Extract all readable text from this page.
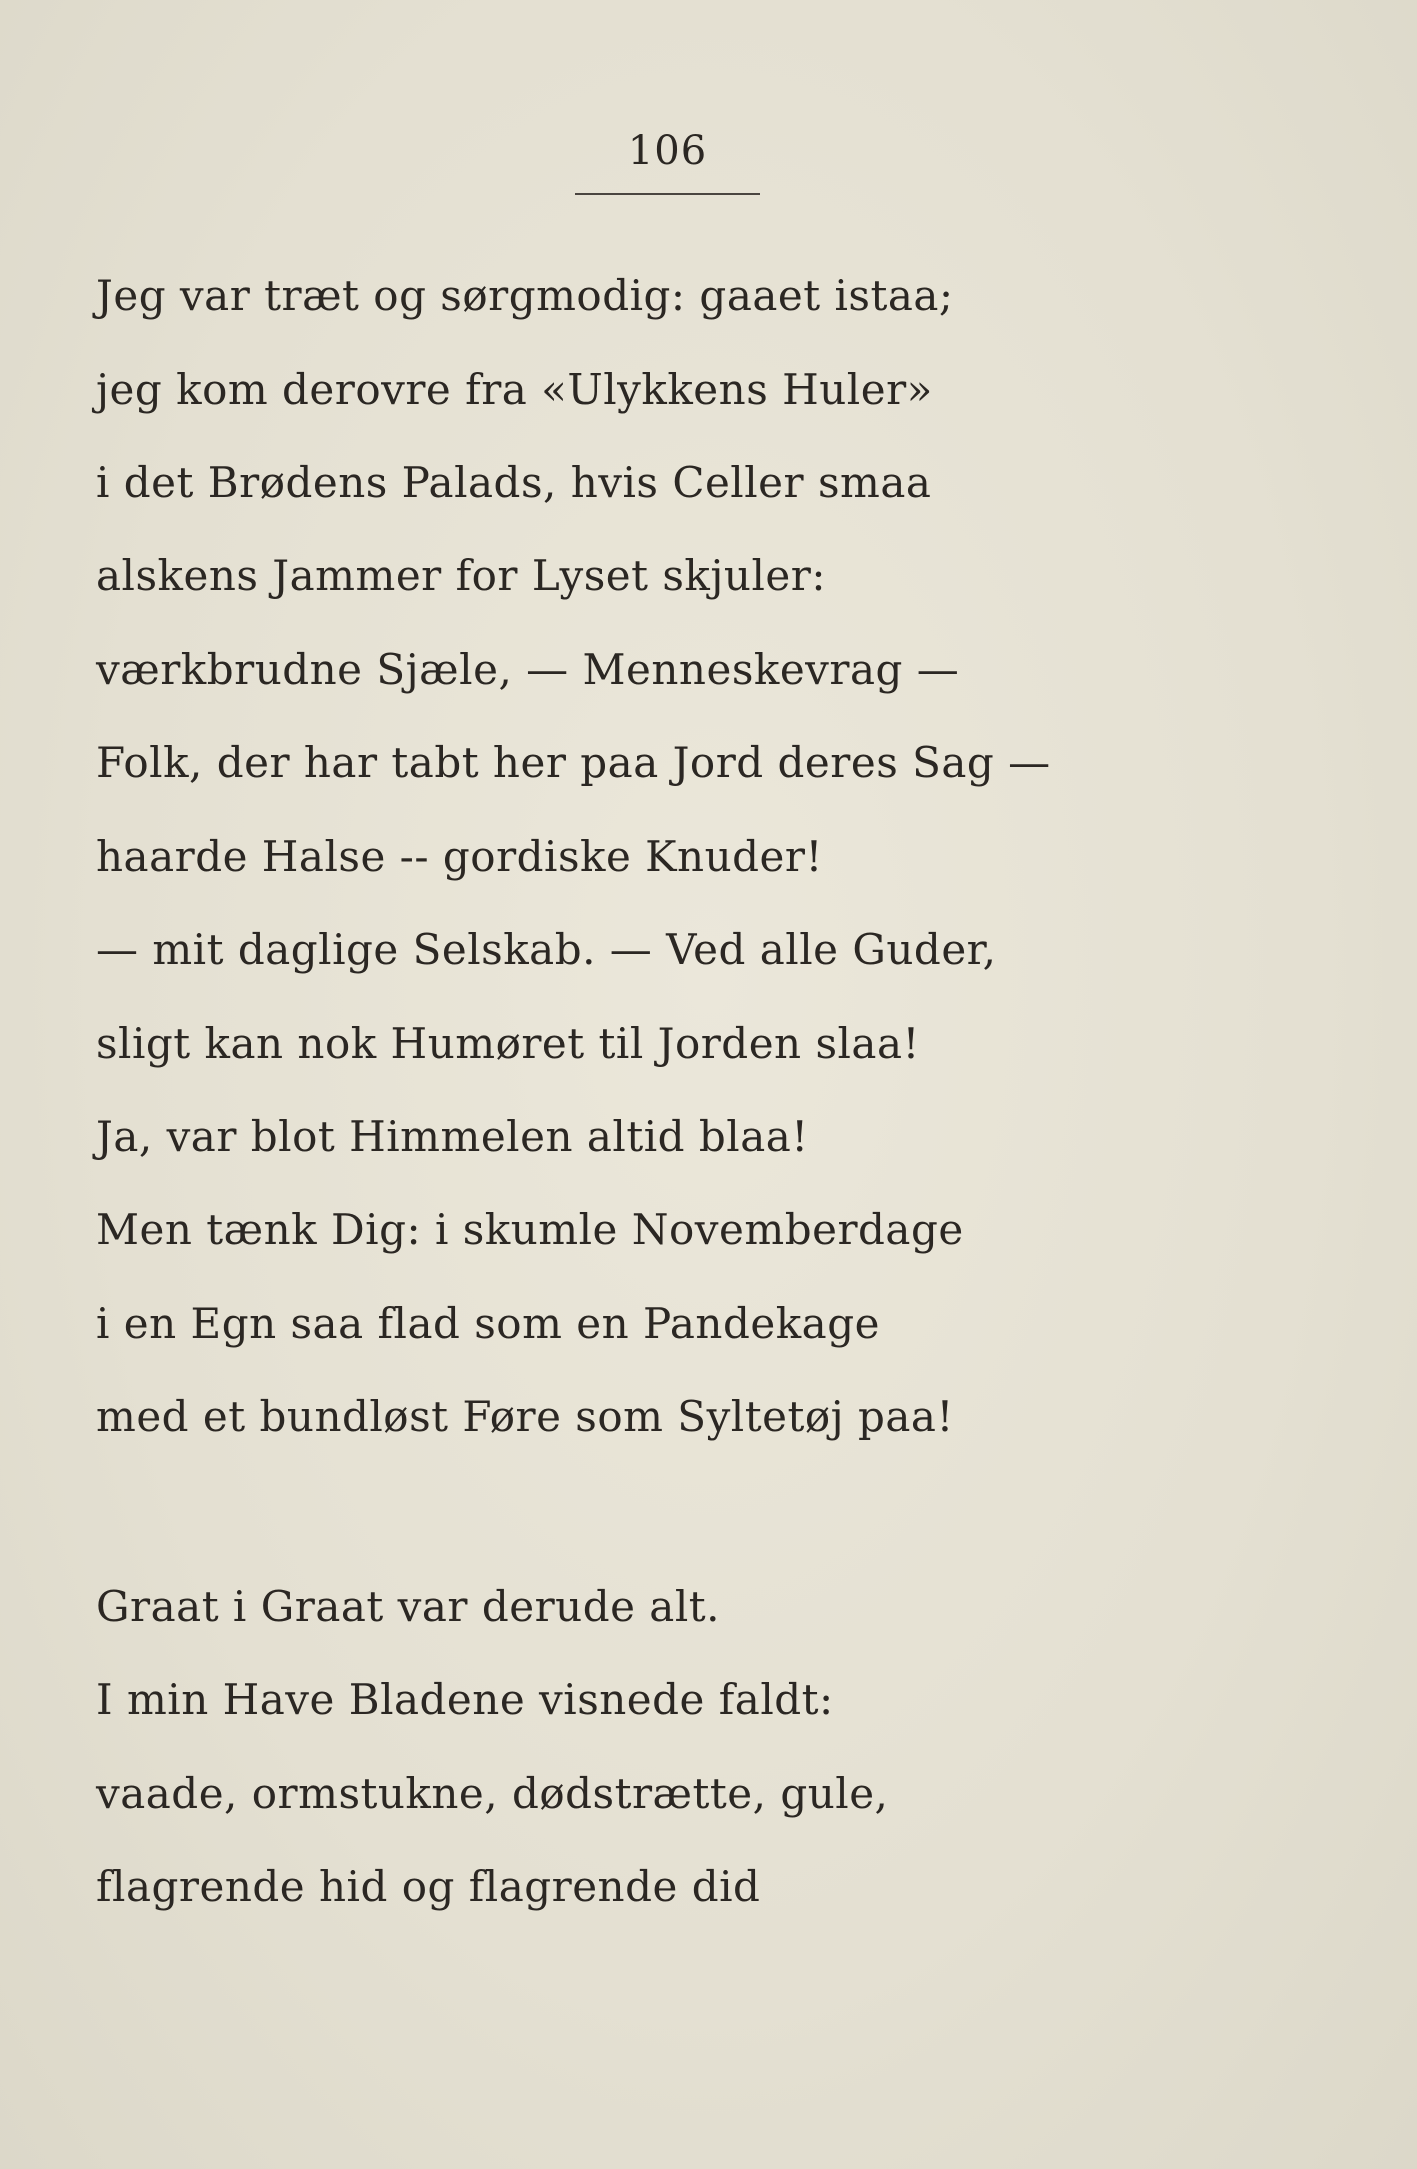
106
Jeg var træt og sørgmodig: gaaet istaa;
jeg kom derovre fra «Ulykkens Huler»
i det Brødens Palads, hvis Celler smaa
alskens Jammer for Lyset skjuler:
værkbrudne Sjæle, — Menneskevrag —
Folk, der har tabt her paa Jord deres Sag —
haarde Halse -- gordiske Knuder!
— mit daglige Selskab. — Ved alle Guder,
sligt kan nok Humøret til Jorden slaa!
Ja, var blot Himmelen altid blaa!
Men tænk Dig: i skumle Novemberdage
i en Egn saa flad som en Pandekage
med et bundløst Føre som Syltetøj paa!
Graat i Graat var derude alt.
I min Have Bladene visnede faldt:
vaade, ormstukne, dødstrætte, gule,
flagrende hid og flagrende did
